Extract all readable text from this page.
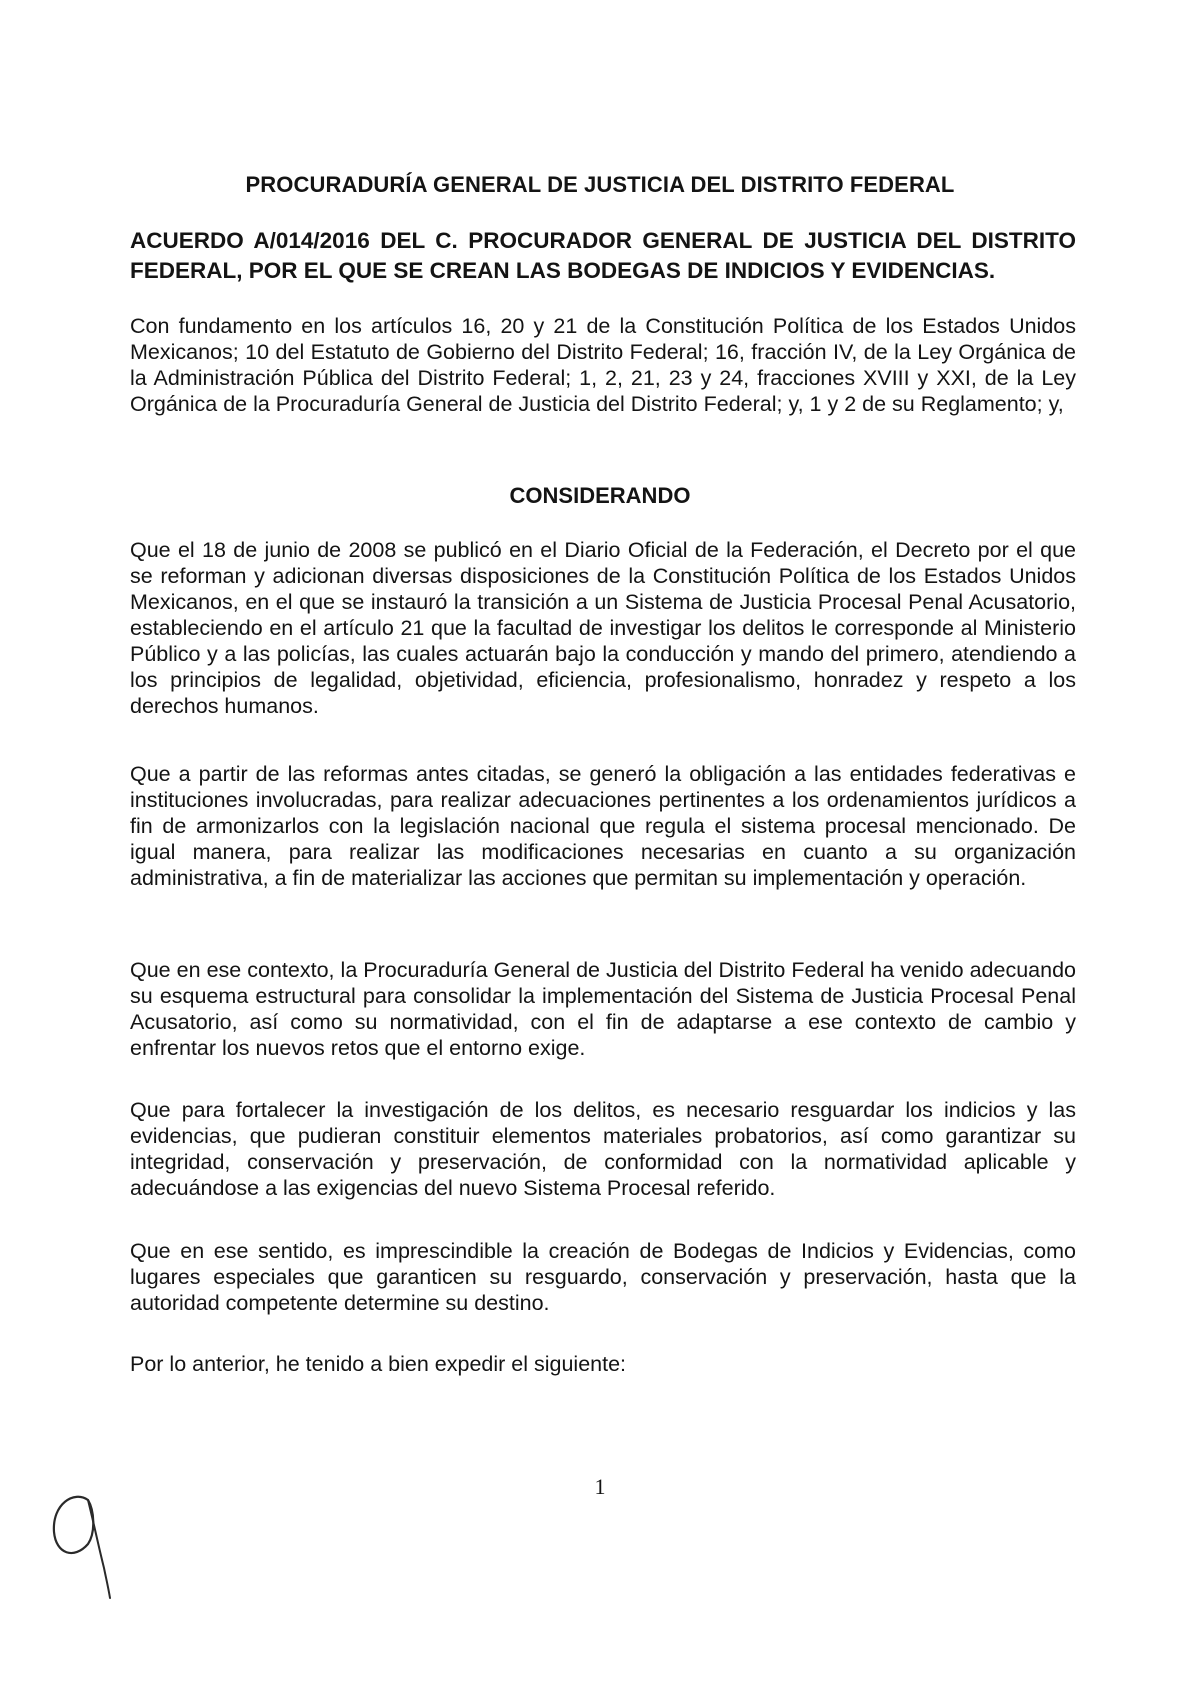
PROCURADURÍA GENERAL DE JUSTICIA DEL DISTRITO FEDERAL
ACUERDO A/014/2016 DEL C. PROCURADOR GENERAL DE JUSTICIA DEL DISTRITO FEDERAL, POR EL QUE SE CREAN LAS BODEGAS DE INDICIOS Y EVIDENCIAS.

Con fundamento en los artículos 16, 20 y 21 de la Constitución Política de los Estados Unidos Mexicanos; 10 del Estatuto de Gobierno del Distrito Federal; 16, fracción IV, de la Ley Orgánica de la Administración Pública del Distrito Federal; 1, 2, 21, 23 y 24, fracciones XVIII y XXI, de la Ley Orgánica de la Procuraduría General de Justicia del Distrito Federal; y, 1 y 2 de su Reglamento; y,

CONSIDERANDO

Que el 18 de junio de 2008 se publicó en el Diario Oficial de la Federación, el Decreto por el que se reforman y adicionan diversas disposiciones de la Constitución Política de los Estados Unidos Mexicanos, en el que se instauró la transición a un Sistema de Justicia Procesal Penal Acusatorio, estableciendo en el artículo 21 que la facultad de investigar los delitos le corresponde al Ministerio Público y a las policías, las cuales actuarán bajo la conducción y mando del primero, atendiendo a los principios de legalidad, objetividad, eficiencia, profesionalismo, honradez y respeto a los derechos humanos.

Que a partir de las reformas antes citadas, se generó la obligación a las entidades federativas e instituciones involucradas, para realizar adecuaciones pertinentes a los ordenamientos jurídicos a fin de armonizarlos con la legislación nacional que regula el sistema procesal mencionado. De igual manera, para realizar las modificaciones necesarias en cuanto a su organización administrativa, a fin de materializar las acciones que permitan su implementación y operación.

Que en ese contexto, la Procuraduría General de Justicia del Distrito Federal ha venido adecuando su esquema estructural para consolidar la implementación del Sistema de Justicia Procesal Penal Acusatorio, así como su normatividad, con el fin de adaptarse a ese contexto de cambio y enfrentar los nuevos retos que el entorno exige.

Que para fortalecer la investigación de los delitos, es necesario resguardar los indicios y las evidencias, que pudieran constituir elementos materiales probatorios, así como garantizar su integridad, conservación y preservación, de conformidad con la normatividad aplicable y adecuándose a las exigencias del nuevo Sistema Procesal referido.

Que en ese sentido, es imprescindible la creación de Bodegas de Indicios y Evidencias, como lugares especiales que garanticen su resguardo, conservación y preservación, hasta que la autoridad competente determine su destino.

Por lo anterior, he tenido a bien expedir el siguiente:

1
